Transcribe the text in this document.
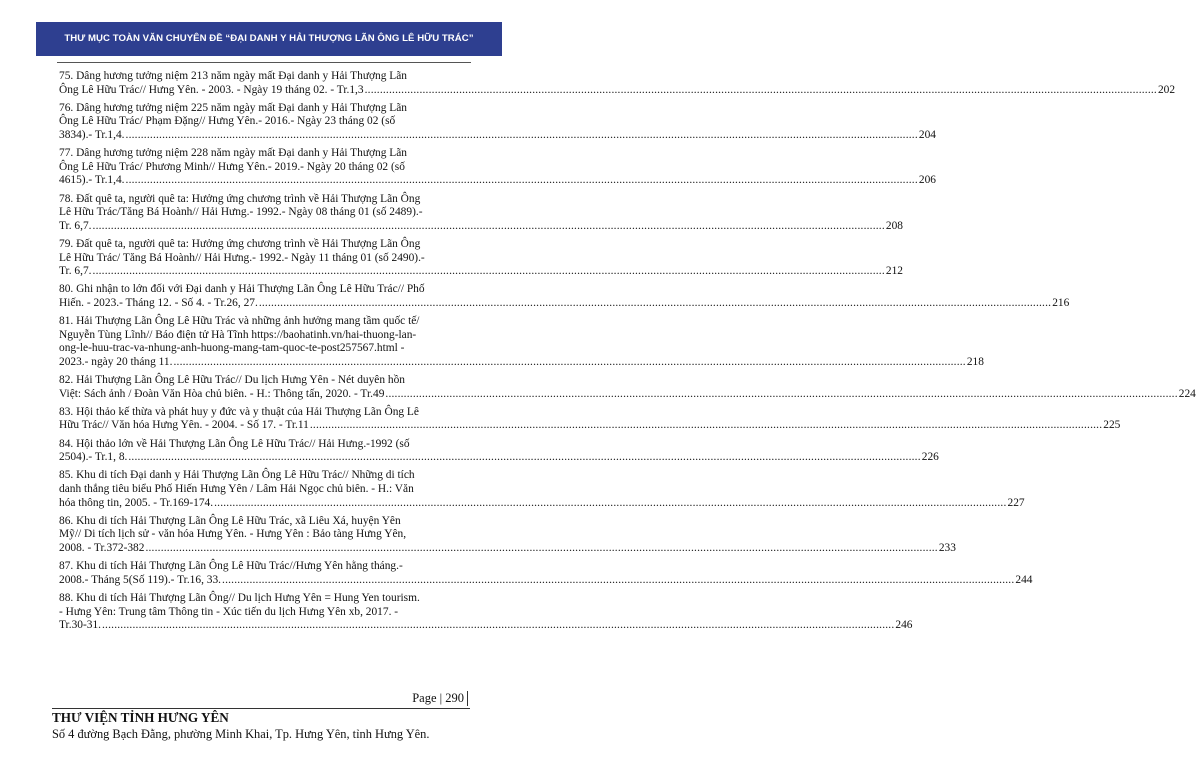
THƯ MỤC TOÀN VĂN CHUYÊN ĐỀ “ĐẠI DANH Y HẢI THƯỢNG LÃN ÔNG LÊ HỮU TRÁC”
75. Dâng hương tưởng niệm 213 năm ngày mất Đại danh y Hải Thượng Lãn
Ông Lê Hữu Trác// Hưng Yên. - 2003. - Ngày 19 tháng 02. - Tr.1,3....................................................................................................................................................................................................................................................................202
76. Dâng hương tưởng niệm 225 năm ngày mất Đại danh y Hải Thượng Lãn
Ông Lê Hữu Trác/ Phạm Đặng// Hưng Yên.- 2016.- Ngày 23 tháng 02 (số
3834).- Tr.1,4.....................................................................................................................................................................................................................................................................204
77. Dâng hương tưởng niệm 228 năm ngày mất Đại danh y Hải Thượng Lãn
Ông Lê Hữu Trác/ Phương Minh// Hưng Yên.- 2019.- Ngày 20 tháng 02 (số
4615).- Tr.1,4.....................................................................................................................................................................................................................................................................206
78. Đất quê ta, người quê ta: Hưởng ứng chương trình về Hải Thượng Lãn Ông
Lê Hữu Trác/Tăng Bá Hoành// Hải Hưng.- 1992.- Ngày 08 tháng 01 (số 2489).-
Tr. 6,7.....................................................................................................................................................................................................................................................................208
79. Đất quê ta, người quê ta: Hưởng ứng chương trình về Hải Thượng Lãn Ông
Lê Hữu Trác/ Tăng Bá Hoành// Hải Hưng.- 1992.- Ngày 11 tháng 01 (số 2490).-
Tr. 6,7.....................................................................................................................................................................................................................................................................212
80. Ghi nhận to lớn đối với Đại danh y Hải Thượng Lãn Ông Lê Hữu Trác// Phố
Hiến. - 2023.- Tháng 12. - Số 4. - Tr.26, 27.....................................................................................................................................................................................................................................................................216
81. Hải Thượng Lãn Ông Lê Hữu Trác và những ảnh hưởng mang tầm quốc tế/
Nguyễn Tùng Lĩnh// Báo điện tử Hà Tĩnh https://baohatinh.vn/hai-thuong-lan-
ong-le-huu-trac-va-nhung-anh-huong-mang-tam-quoc-te-post257567.html -
2023.- ngày 20 tháng 11.....................................................................................................................................................................................................................................................................218
82. Hải Thượng Lãn Ông Lê Hữu Trác// Du lịch Hưng Yên - Nét duyên hồn
Việt: Sách ảnh / Đoàn Văn Hòa chủ biên. - H.: Thông tấn, 2020. - Tr.49....................................................................................................................................................................................................................................................................224
83. Hội thảo kế thừa và phát huy y đức và y thuật của Hải Thượng Lãn Ông Lê
Hữu Trác// Văn hóa Hưng Yên. - 2004. - Số 17. - Tr.11....................................................................................................................................................................................................................................................................225
84. Hội thảo lớn về Hải Thượng Lãn Ông Lê Hữu Trác// Hải Hưng.-1992 (số
2504).- Tr.1, 8.....................................................................................................................................................................................................................................................................226
85. Khu di tích Đại danh y Hải Thượng Lãn Ông Lê Hữu Trác// Những di tích
danh thắng tiêu biểu Phố Hiến Hưng Yên / Lâm Hải Ngọc chủ biên. - H.: Văn
hóa thông tin, 2005. - Tr.169-174.....................................................................................................................................................................................................................................................................227
86. Khu di tích Hải Thượng Lãn Ông Lê Hữu Trác, xã Liêu Xá, huyện Yên
Mỹ// Di tích lịch sử - văn hóa Hưng Yên. - Hưng Yên : Bảo tàng Hưng Yên,
2008. - Tr.372-382....................................................................................................................................................................................................................................................................233
87. Khu di tích Hải Thượng Lãn Ông Lê Hữu Trác//Hưng Yên hằng tháng.-
2008.- Tháng 5(Số 119).- Tr.16, 33.....................................................................................................................................................................................................................................................................244
88. Khu di tích Hải Thượng Lãn Ông// Du lịch Hưng Yên = Hung Yen tourism.
- Hưng Yên: Trung tâm Thông tin - Xúc tiến du lịch Hưng Yên xb, 2017. -
Tr.30-31.....................................................................................................................................................................................................................................................................246
Page | 290
THƯ VIỆN TỈNH HƯNG YÊN
Số 4 đường Bạch Đằng, phường Minh Khai, Tp. Hưng Yên, tỉnh Hưng Yên.
